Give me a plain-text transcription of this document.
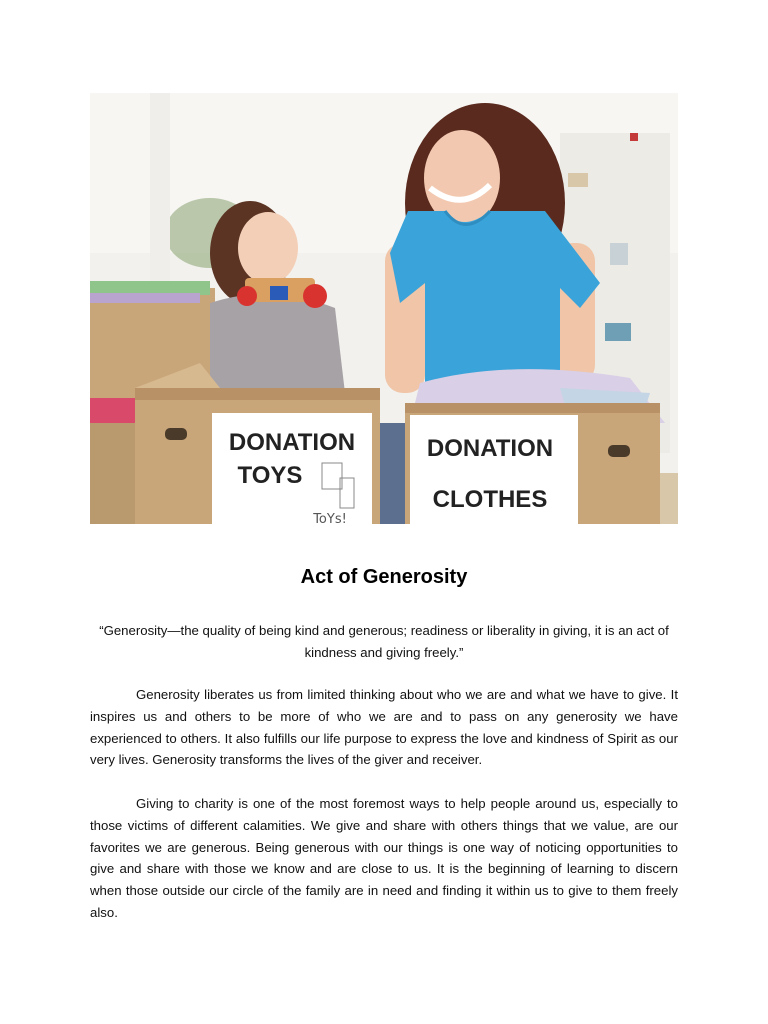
DONATION
TOYS
ToYs!
DONATION
CLOTHES
Act of Generosity

“Generosity—the quality of being kind and generous; readiness or liberality in giving, it is an act of kindness and giving freely.”

Generosity liberates us from limited thinking about who we are and what we have to give. It inspires us and others to be more of who we are and to pass on any generosity we have experienced to others. It also fulfills our life purpose to express the love and kindness of Spirit as our very lives. Generosity transforms the lives of the giver and receiver.

Giving to charity is one of the most foremost ways to help people around us, especially to those victims of different calamities. We give and share with others things that we value, are our favorites we are generous. Being generous with our things is one way of noticing opportunities to give and share with those we know and are close to us. It is the beginning of learning to discern when those outside our circle of the family are in need and finding it within us to give to them freely also.
